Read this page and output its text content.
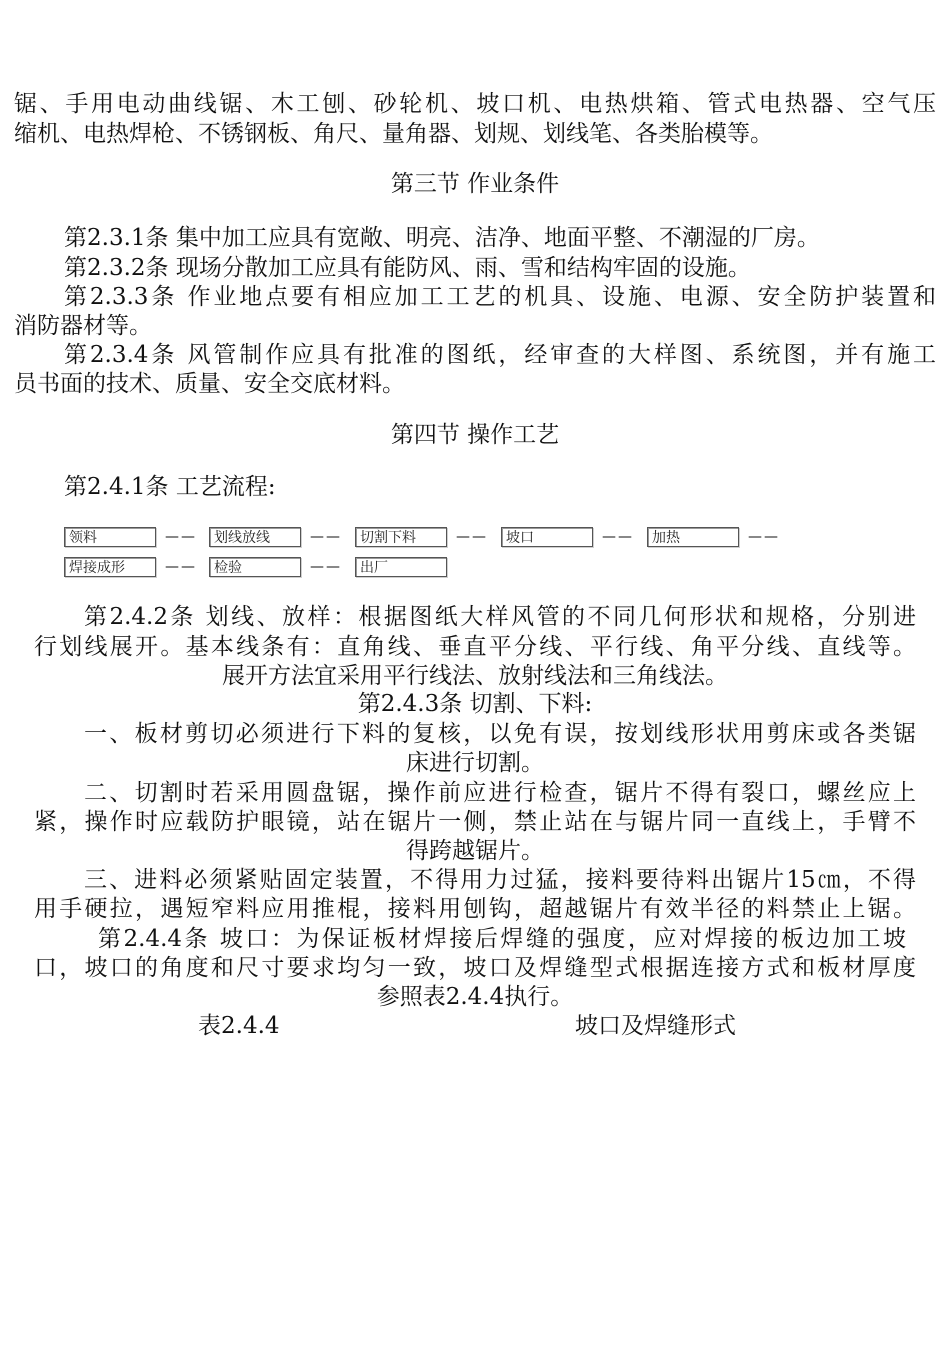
锯、手用电动曲线锯、木工刨、砂轮机、坡口机、电热烘箱、管式电热器、空气压
缩机、电热焊枪、不锈钢板、角尺、量角器、划规、划线笔、各类胎模等。
第三节 作业条件
第2.3.1条 集中加工应具有宽敞、明亮、洁净、地面平整、不潮湿的厂房。
第2.3.2条 现场分散加工应具有能防风、雨、雪和结构牢固的设施。
第2.3.3条 作业地点要有相应加工工艺的机具、设施、电源、安全防护装置和
消防器材等。
第2.3.4条 风管制作应具有批准的图纸，经审查的大样图、系统图，并有施工
员书面的技术、质量、安全交底材料。
第四节 操作工艺
第2.4.1条 工艺流程:
领料	——	划线放线	——	切割下料	——	坡口	——	加热	——
焊接成形	——	检验	——	出厂
第2.4.2条 划线、放样：根据图纸大样风管的不同几何形状和规格，分别进
行划线展开。基本线条有：直角线、垂直平分线、平行线、角平分线、直线等。
展开方法宜采用平行线法、放射线法和三角线法。
第2.4.3条 切割、下料:
一、板材剪切必须进行下料的复核，以免有误，按划线形状用剪床或各类锯
床进行切割。
二、切割时若采用圆盘锯，操作前应进行检查，锯片不得有裂口，螺丝应上
紧，操作时应载防护眼镜，站在锯片一侧，禁止站在与锯片同一直线上，手臂不
得跨越锯片。
三、进料必须紧贴固定装置，不得用力过猛，接料要待料出锯片15㎝，不得
用手硬拉，遇短窄料应用推棍，接料用刨钩，超越锯片有效半径的料禁止上锯。
第2.4.4条 坡口：为保证板材焊接后焊缝的强度，应对焊接的板边加工坡
口，坡口的角度和尺寸要求均匀一致，坡口及焊缝型式根据连接方式和板材厚度
参照表2.4.4执行。
表2.4.4	坡口及焊缝形式
